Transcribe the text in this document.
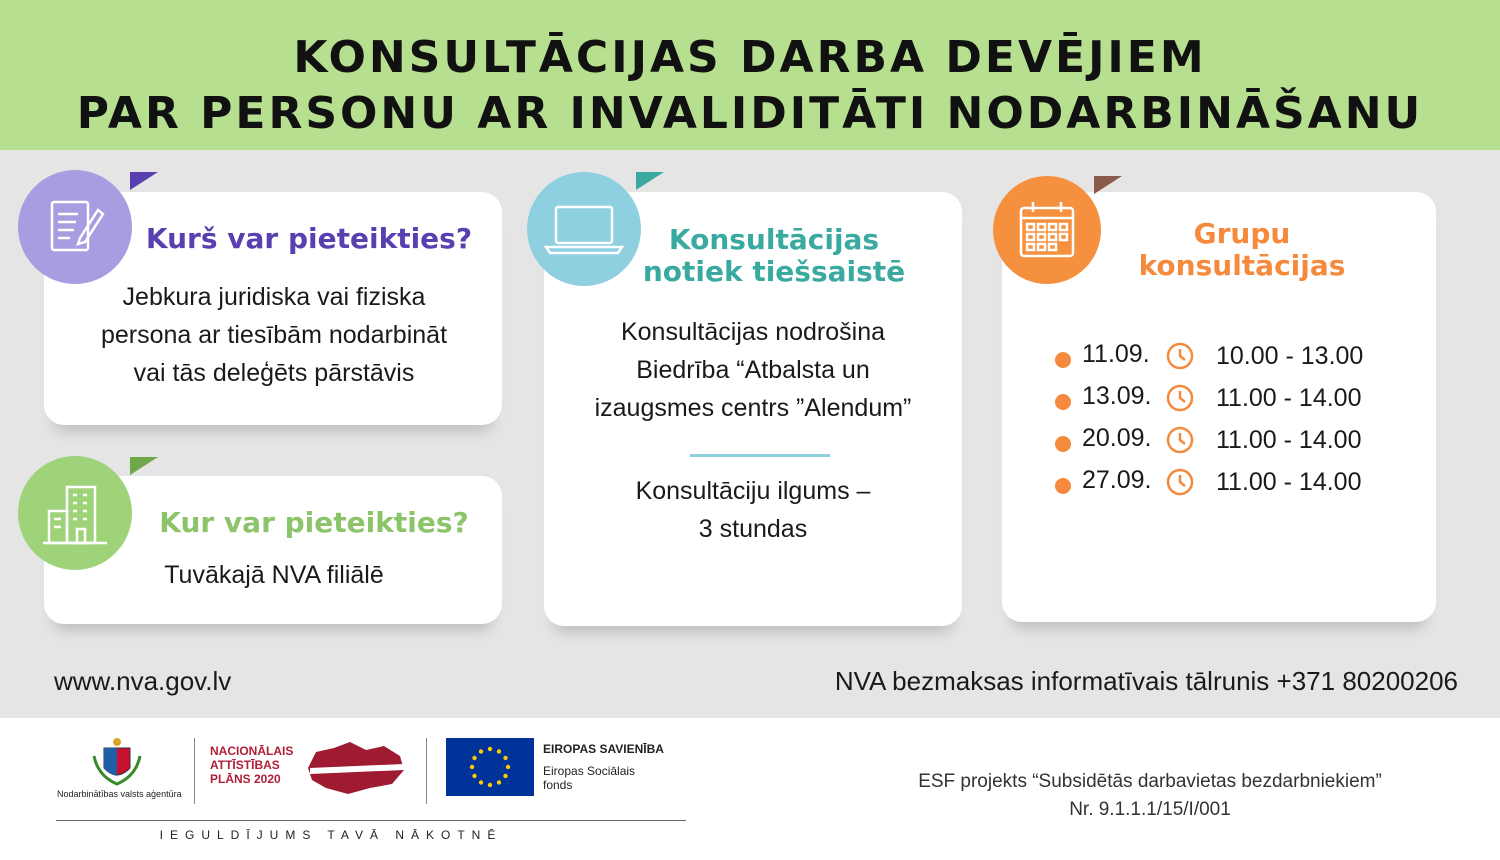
KONSULTĀCIJAS DARBA DEVĒJIEM
PAR PERSONU AR INVALIDITĀTI NODARBINĀŠANU
Kurš var pieteikties?
Jebkura juridiska vai fiziska
persona ar tiesībām nodarbināt
vai tās deleģēts pārstāvis
Kur var pieteikties?
Tuvākajā NVA filiālē
Konsultācijas
notiek tiešsaistē
Konsultācijas nodrošina
Biedrība “Atbalsta un
izaugsmes centrs ”Alendum”
Konsultāciju ilgums –
3 stundas
Grupu
konsultācijas
11.09.	10.00 - 13.00
13.09.	11.00 - 14.00
20.09.	11.00 - 14.00
27.09.	11.00 - 14.00
www.nva.gov.lv	NVA bezmaksas informatīvais tālrunis +371 80200206
Nodarbinātības valsts aģentūra
NACIONĀLAIS
ATTĪSTĪBAS
PLĀNS 2020
EIROPAS SAVIENĪBA
Eiropas Sociālais
fonds
IEGULDĪJUMS TAVĀ NĀKOTNĒ
ESF projekts “Subsidētās darbavietas bezdarbniekiem”
Nr. 9.1.1.1/15/I/001
